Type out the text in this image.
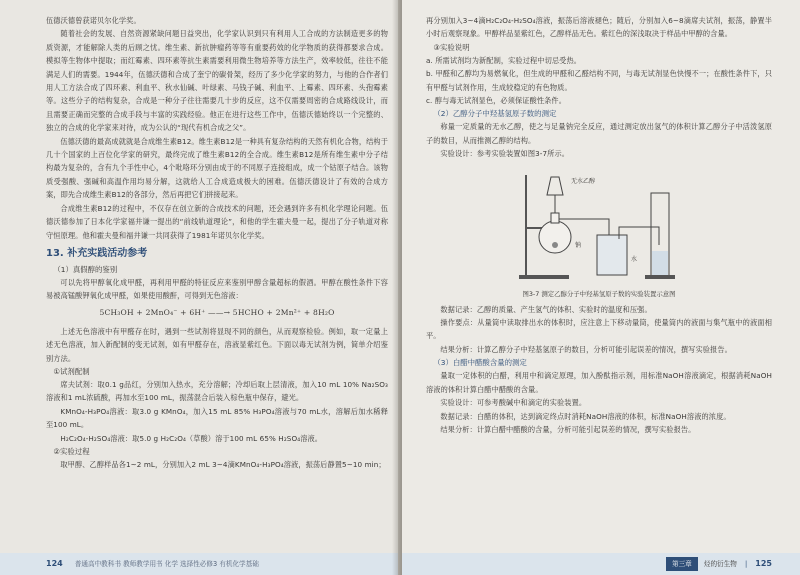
伍德沃德曾获诺贝尔化学奖。

随着社会的发展、自然资源紧缺问题日益突出，化学家认识到只有利用人工合成的方法制造更多的物质资源，才能解除人类的后顾之忧。维生素、新抗肿瘤药等等有重要药效的化学物质的获得都要求合成。模拟等生物体中提取；而红霉素、四环素等抗生素需要利用微生物培养等方法生产，效率较低，往往不能满足人们的需要。1944年，伍德沃德和合成了奎宁的碳骨架，经历了多少化学家的努力，与他的合作者们用人工方法合成了四环素、利血平、秋水仙碱、叶绿素、马钱子碱、利血平、上霉素、四环素、头孢霉素等。这些分子的结构复杂，合成是一种分子往往需要几十步的反应，这不仅需要周密的合成路线设计，而且需要正确而完整的合成手段与丰富的实践经验。他正在进行这些工作中，伍德沃德始终以一个完整的、独立的合成的化学家来对待，成为公认的“现代有机合成之父”。

伍德沃德的最高成就就是合成维生素B12。维生素B12是一种具有复杂结构的天然有机化合物，结构于几十个国家的上百位化学家的研究，最终完成了维生素B12的全合成。维生素B12是所有维生素中分子结构最为复杂的，含有九个手性中心，4个吡咯环分别由成于的不同原子连接组成，成一个钴原子结合。该物质受强酸、强碱和高温作用均易分解，这就给人工合成造成极大的困难。伍德沃德设计了有效的合成方案，即先合成维生素B12的各部分，然后再把它们拼接起来。

合成维生素B12的过程中，不仅存在创立新的合成技术的问题，还会遇到许多有机化学理论问题。伍德沃德参加了日本化学家福井谦一提出的“前线轨道理论”，和他的学生霍夫曼一起，提出了分子轨道对称守恒原理。他和霍夫曼和福井谦一共同获得了1981年诺贝尔化学奖。

13. 补充实践活动参考

（1）真假醇的鉴别

可以先将甲醇氧化成甲醛，再利用甲醛的特征反应来鉴别甲醇含量超标的假酒。甲醇在酸性条件下容易被高锰酸钾氧化成甲醛，如果使用酸酐，可得到无色溶液：

5CH₃OH + 2MnO₄⁻ + 6H⁺ ——→ 5HCHO + 2Mn²⁺ + 8H₂O

上述无色溶液中有甲醛存在时，遇到一些试剂将显现不同的颜色，从而观察检验。例如，取一定量上述无色溶液，加入新配制的变无试剂，如有甲醛存在，溶液显紫红色。下面以毒无试剂为例，简单介绍鉴别方法。

①试剂配制

席夫试剂：取0.1 g品红，分别加入热水，充分溶解；冷却后取上层清液，加入10 mL 10% Na₂SO₃溶液和1 mL浓硫酸，再加水至100 mL，振荡混合后装入棕色瓶中保存，避光。

KMnO₄-H₃PO₄溶液：取3.0 g KMnO₄，加入15 mL 85% H₃PO₄溶液与70 mL水，溶解后加水稀释至100 mL。

H₂C₂O₄-H₂SO₄溶液：取5.0 g H₂C₂O₄（草酸）溶于100 mL 65% H₂SO₄溶液。

②实验过程

取甲醇、乙醇样品各1~2 mL，分别加入2 mL 3~4滴KMnO₄-H₃PO₄溶液，振荡后静置5~10 min；

124 普通高中教科书 教师教学用书 化学 选择性必修3 有机化学基础

再分别加入3~4滴H₂C₂O₄-H₂SO₄溶液，振荡后溶液褪色；随后，分别加入6~8滴席夫试剂，振荡，静置半小时后观察现象。甲醇样品显紫红色，乙醇样品无色。紫红色的深浅取决于样品中甲醇的含量。

③实验说明

a. 所需试剂均为新配制，实验过程中切忌受热。

b. 甲醛和乙醇均为易燃氧化，但生成的甲醛和乙醛结构不同，与毒无试剂显色快慢不一；在酸性条件下，只有甲醛与试剂作用，生成较稳定的有色物质。

c. 醇与毒无试剂显色，必须保证酸性条件。

（2）乙醇分子中羟基氢原子数的测定

称量一定质量的无水乙醇，使之与足量钠完全反应，通过测定放出氢气的体积计算乙醇分子中活泼氢原子的数目，从而推测乙醇的结构。

实验设计：参考实验装置如图3-7所示。

无水乙醇
钠
水

图3-7 测定乙醇分子中羟基氢原子数的实验装置示意图

数据记录：乙醇的质量、产生氢气的体积、实验时的温度和压强。

操作要点：从量筒中读取排出水的体积时，应注意上下移动量筒，使量筒内的液面与集气瓶中的液面相平。

结果分析：计算乙醇分子中羟基氢原子的数目，分析可能引起误差的情况，撰写实验报告。

（3）白醋中醋酸含量的测定

量取一定体积的白醋，利用中和滴定原理，加入酚酞指示剂，用标准NaOH溶液滴定，根据消耗NaOH溶液的体积计算白醋中醋酸的含量。

实验设计：可参考酸碱中和滴定的实验装置。

数据记录：白醋的体积，达到滴定终点时消耗NaOH溶液的体积，标准NaOH溶液的浓度。

结果分析：计算白醋中醋酸的含量，分析可能引起误差的情况，撰写实验报告。

第三章 烃的衍生物 | 125
